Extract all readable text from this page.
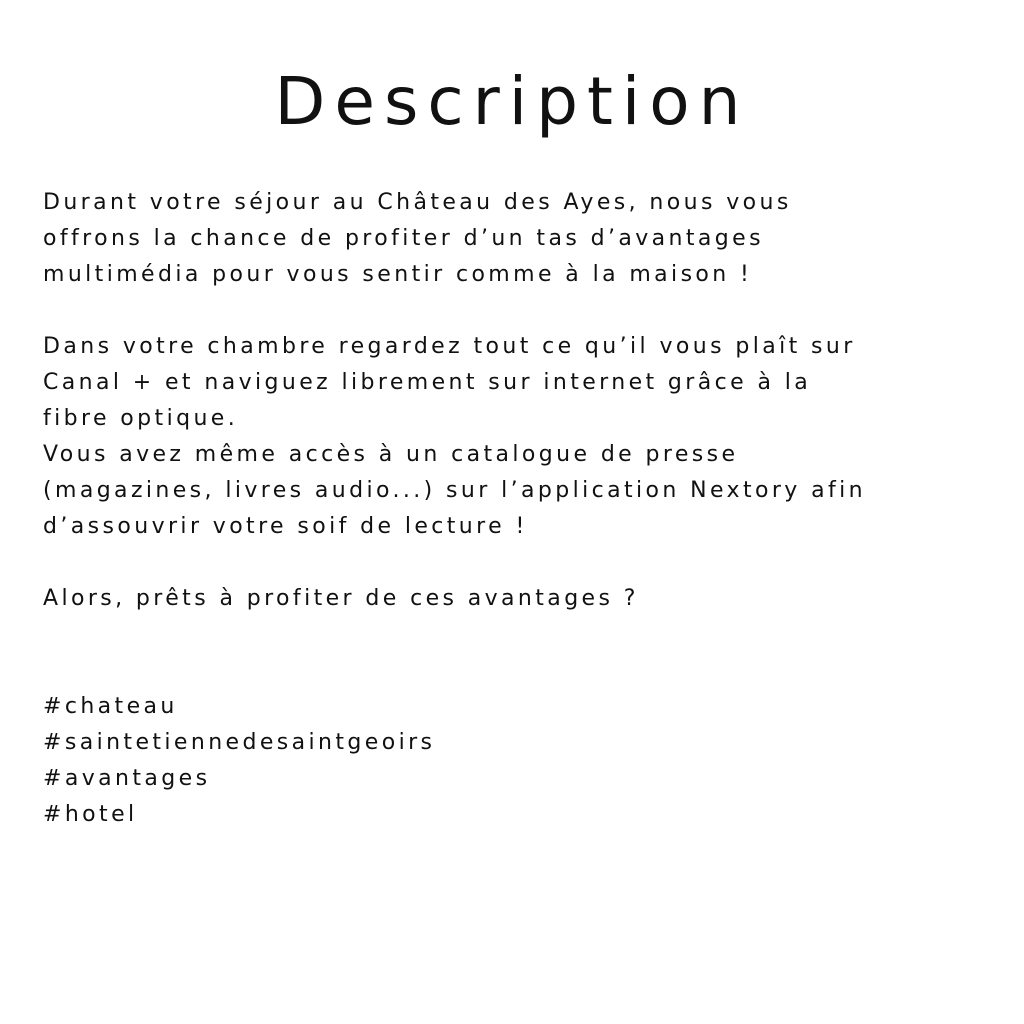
Description
Durant votre séjour au Château des Ayes, nous vous
offrons la chance de profiter d’un tas d’avantages
multimédia pour vous sentir comme à la maison !
Dans votre chambre regardez tout ce qu’il vous plaît sur
Canal + et naviguez librement sur internet grâce à la
fibre optique.
Vous avez même accès à un catalogue de presse
(magazines, livres audio...) sur l’application Nextory afin
d’assouvrir votre soif de lecture !
Alors, prêts à profiter de ces avantages ?
#chateau
#saintetiennedesaintgeoirs
#avantages
#hotel
